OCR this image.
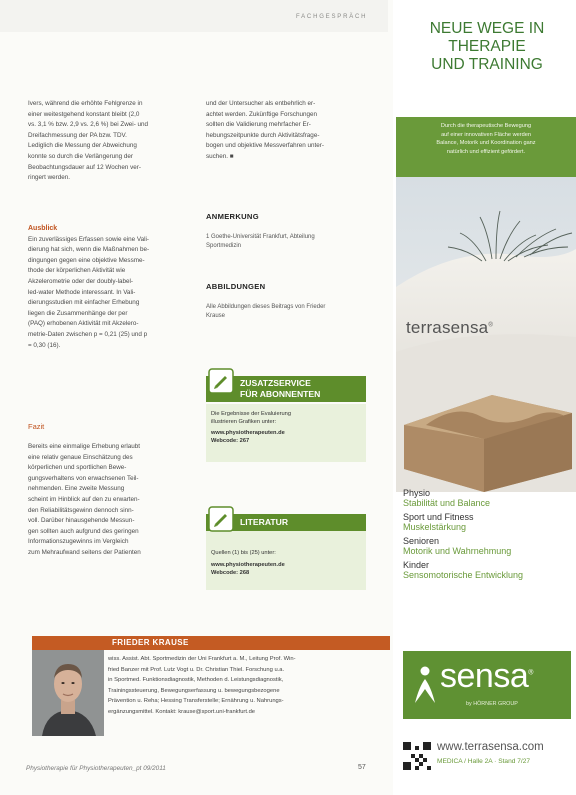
FACHGESPRÄCH
Ivers, während die erhöhte Fehlgrenze in
einer weitestgehend konstant bleibt (2,0
vs. 3,1 % bzw. 2,9 vs. 2,6 %) bei Zwei- und
Dreifachmessung der PA bzw. TDV.
Lediglich die Messung der Abweichung
konnte so durch die Verlängerung der
Beobachtungsdauer auf 12 Wochen ver-
ringert werden.
Ausblick
Ein zuverlässiges Erfassen sowie eine Vali-
dierung hat sich, wenn die Maßnahmen be-
dingungen gegen eine objektive Messme-
thode der körperlichen Aktivität wie
Akzelerometrie oder der doubly-label-
led-water Methode interessant. In Vali-
dierungsstudien mit einfacher Erhebung
liegen die Zusammenhänge der per
(PAQ) erhobenen Aktivität mit Akzelero-
metrie-Daten zwischen p = 0,21 (25) und p
= 0,30 (16).
Fazit
Bereits eine einmalige Erhebung erlaubt
eine relativ genaue Einschätzung des
körperlichen und sportlichen Bewe-
gungsverhaltens von erwachsenen Teil-
nehmenden. Eine zweite Messung
scheint im Hinblick auf den zu erwarten-
den Reliabilitätsgewinn dennoch sinn-
voll. Darüber hinausgehende Messun-
gen sollten auch aufgrund des geringen
Informationszugewinns im Vergleich
zum Mehraufwand seitens der Patienten
und der Untersucher als entbehrlich er-
achtet werden. Zukünftige Forschungen
sollten die Validierung mehrfacher Er-
hebungszeitpunkte durch Aktivitätsfrage-
bogen und objektive Messverfahren unter-
suchen. ■
ANMERKUNG
1 Goethe-Universität Frankfurt, Abteilung
Sportmedizin
ABBILDUNGEN
Alle Abbildungen dieses Beitrags von Frieder
Krause
ZUSATZSERVICE
FÜR ABONNENTEN
Die Ergebnisse der Evaluierung
illustrieren Grafiken unter:
www.physiotherapeuten.de
Webcode: 267
LITERATUR
Quellen (1) bis (25) unter:
www.physiotherapeuten.de
Webcode: 268
FRIEDER KRAUSE
wiss. Assist. Abt. Sportmedizin der Uni Frankfurt a. M., Leitung Prof. Win-
fried Banzer mit Prof. Lutz Vogt u. Dr. Christian Thiel. Forschung u.a.
in Sportmed. Funktionsdiagnostik, Methoden d. Leistungsdiagnostik,
Trainingssteuerung, Bewegungserfassung u. bewegungsbezogene
Prävention u. Reha; Hessing Transferstelle; Ernährung u. Nahrungs-
ergänzungsmittel. Kontakt: krause@sport.uni-frankfurt.de
Physiotherapie für Physiotherapeuten_pt 09/2011	57
NEUE WEGE IN
THERAPIE
UND TRAINING
Durch die therapeutische Bewegung
auf einer innovativen Fläche werden
Balance, Motorik und Koordination ganz
natürlich und effizient gefördert.
terrasensa®
Physio
Stabilität und Balance
Sport und Fitness
Muskelstärkung
Senioren
Motorik und Wahrnehmung
Kinder
Sensomotorische Entwicklung
sensa®
by HÖRNER GROUP
www.terrasensa.com
MEDICA / Halle 2A · Stand 7/27
